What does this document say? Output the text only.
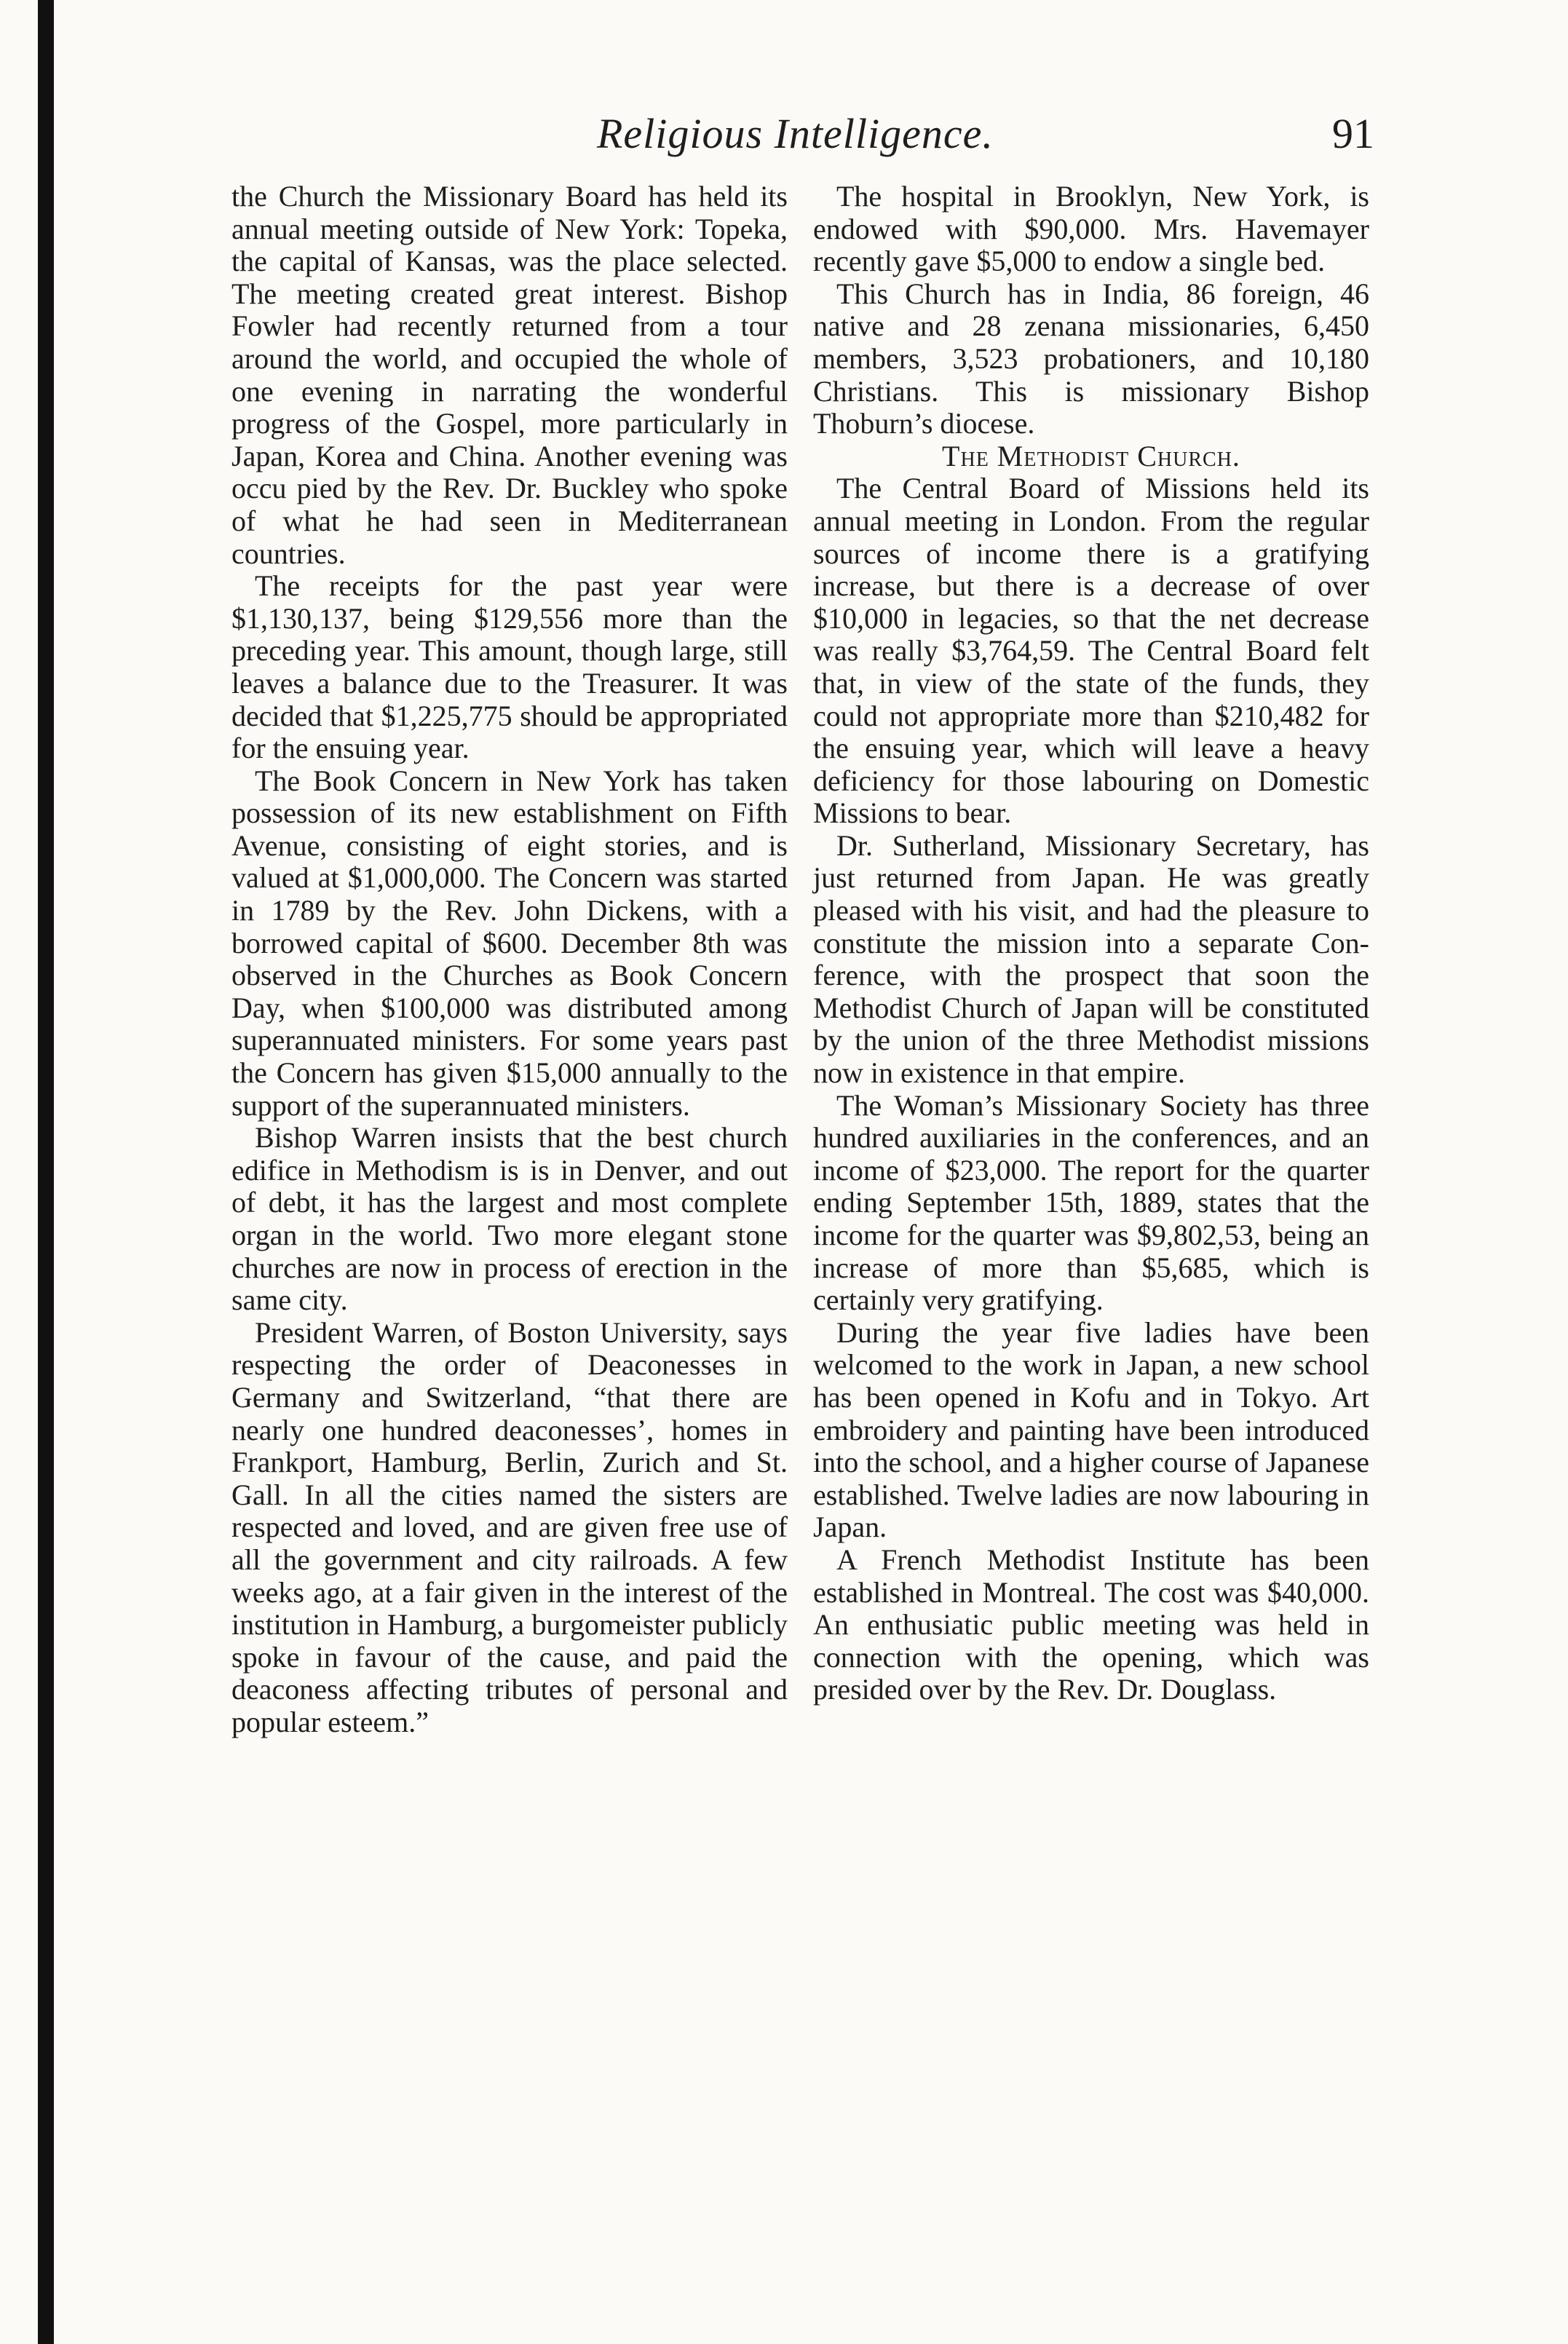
Religious Intelligence.	91

the Church the Missionary Board has held its annual meeting outside of New York: Topeka, the capital of Kansas, was the place selected. The meeting created great interest. Bishop Fowler had recently returned from a tour around the world, and occupied the whole of one evening in narrating the wonderful progress of the Gospel, more particularly in Japan, Korea and China. Another evening was occu pied by the Rev. Dr. Buckley who spoke of what he had seen in Mediterranean countries.

The receipts for the past year were $1,130,137, being $129,556 more than the preceding year. This amount, though large, still leaves a balance due to the Treasurer. It was decided that $1,225,775 should be appropriated for the ensuing year.

The Book Concern in New York has taken possession of its new establishment on Fifth Avenue, consisting of eight stories, and is valued at $1,000,000. The Concern was started in 1789 by the Rev. John Dickens, with a borrowed capital of $600. December 8th was observed in the Churches as Book Concern Day, when $100,000 was distributed among superannuated ministers. For some years past the Concern has given $15,000 annually to the support of the superannuated ministers.

Bishop Warren insists that the best church edifice in Methodism is is in Denver, and out of debt, it has the largest and most complete organ in the world. Two more elegant stone churches are now in process of erection in the same city.

President Warren, of Boston University, says respecting the order of Deaconesses in Germany and Switzerland, “that there are nearly one hundred deaconesses’, homes in Frankport, Hamburg, Berlin, Zurich and St. Gall. In all the cities named the sisters are respected and loved, and are given free use of all the government and city railroads. A few weeks ago, at a fair given in the interest of the institution in Hamburg, a burgomeister publicly spoke in favour of the cause, and paid the deaconess affecting tributes of personal and popular esteem.”

The hospital in Brooklyn, New York, is endowed with $90,000. Mrs. Havemayer recently gave $5,000 to endow a single bed.

This Church has in India, 86 foreign, 46 native and 28 zenana missionaries, 6,450 members, 3,523 probationers, and 10,180 Christians. This is missionary Bishop Thoburn’s diocese.

The Methodist Church.

The Central Board of Missions held its annual meeting in London. From the regular sources of income there is a gratifying increase, but there is a decrease of over $10,000 in legacies, so that the net decrease was really $3,764,59. The Central Board felt that, in view of the state of the funds, they could not appropriate more than $210,482 for the ensuing year, which will leave a heavy deficiency for those labouring on Domestic Missions to bear.

Dr. Sutherland, Missionary Secretary, has just returned from Japan. He was greatly pleased with his visit, and had the pleasure to constitute the mission into a separate Conference, with the prospect that soon the Methodist Church of Japan will be constituted by the union of the three Methodist missions now in existence in that empire.

The Woman’s Missionary Society has three hundred auxiliaries in the conferences, and an income of $23,000. The report for the quarter ending September 15th, 1889, states that the income for the quarter was $9,802,53, being an increase of more than $5,685, which is certainly very gratifying.

During the year five ladies have been welcomed to the work in Japan, a new school has been opened in Kofu and in Tokyo. Art embroidery and painting have been introduced into the school, and a higher course of Japanese established. Twelve ladies are now labouring in Japan.

A French Methodist Institute has been established in Montreal. The cost was $40,000. An enthusiatic public meeting was held in connection with the opening, which was presided over by the Rev. Dr. Douglass.
